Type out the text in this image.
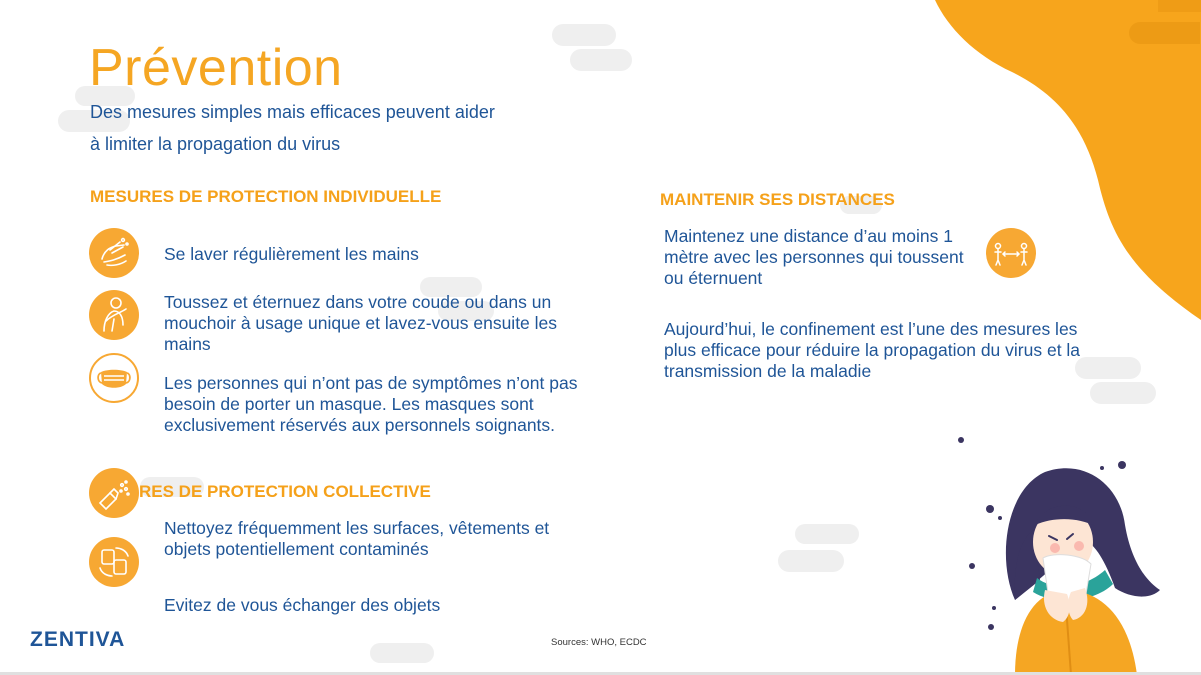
Prévention
Des mesures simples mais efficaces peuvent aider
à limiter la propagation du virus
MESURES DE PROTECTION INDIVIDUELLE
Se laver régulièrement les mains
Toussez et éternuez dans votre coude ou dans un mouchoir à usage unique et lavez-vous ensuite les mains
Les personnes qui n’ont pas de symptômes n’ont pas besoin de porter un masque. Les masques sont exclusivement réservés aux personnels soignants.
RES DE PROTECTION COLLECTIVE
Nettoyez fréquemment les surfaces, vêtements et objets potentiellement contaminés
Evitez de vous échanger des objets
MAINTENIR SES DISTANCES
Maintenez une distance d’au moins 1 mètre avec les personnes qui toussent ou éternuent
Aujourd’hui, le confinement est l’une des mesures les plus efficace pour réduire la propagation du virus et la transmission de la maladie
ZENTIVA	Sources: WHO, ECDC
